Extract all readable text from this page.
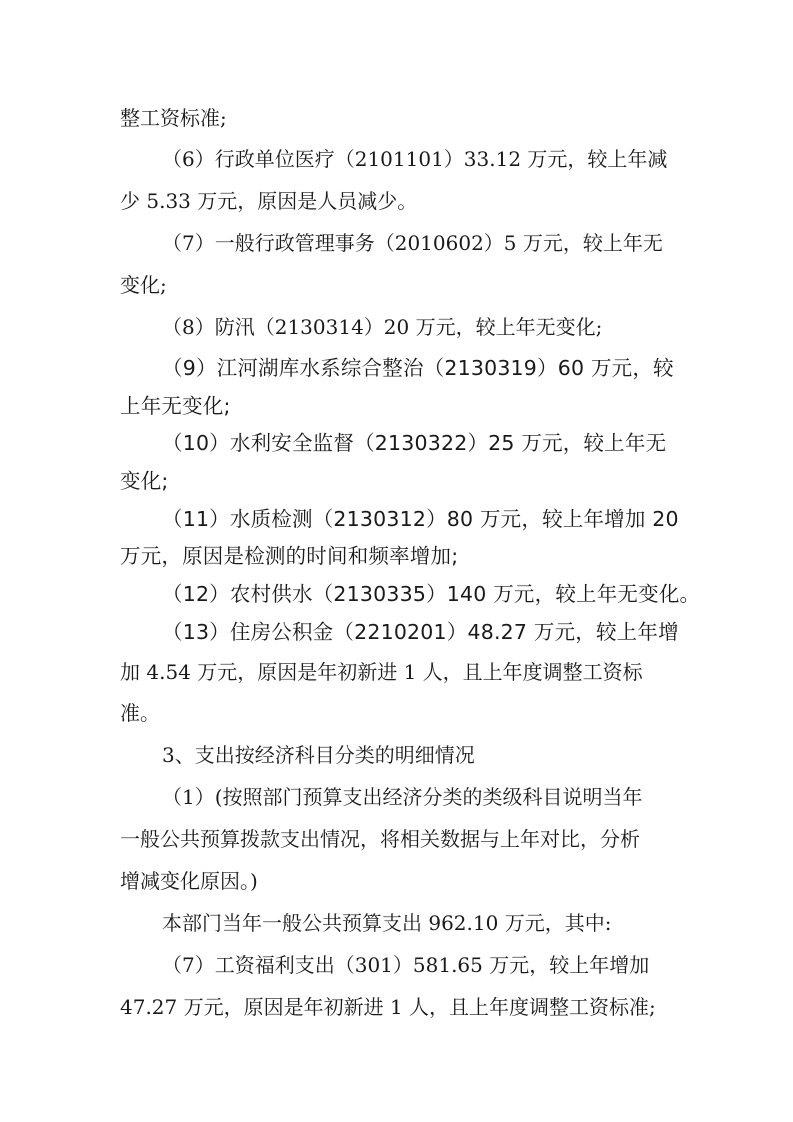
整工资标准;
（6）行政单位医疗（2101101）33.12 万元，较上年减
少 5.33 万元，原因是人员减少。
（7）一般行政管理事务（2010602）5 万元，较上年无
变化;
（8）防汛（2130314）20 万元，较上年无变化;
（9）江河湖库水系综合整治（2130319）60 万元，较
上年无变化;
（10）水利安全监督（2130322）25 万元，较上年无
变化;
（11）水质检测（2130312）80 万元，较上年增加 20
万元，原因是检测的时间和频率增加;
（12）农村供水（2130335）140 万元，较上年无变化。
（13）住房公积金（2210201）48.27 万元，较上年增
加 4.54 万元，原因是年初新进 1 人，且上年度调整工资标
准。
3、支出按经济科目分类的明细情况
（1）(按照部门预算支出经济分类的类级科目说明当年
一般公共预算拨款支出情况，将相关数据与上年对比，分析
增减变化原因。)
本部门当年一般公共预算支出 962.10 万元，其中:
（7）工资福利支出（301）581.65 万元，较上年增加
47.27 万元，原因是年初新进 1 人，且上年度调整工资标准;
